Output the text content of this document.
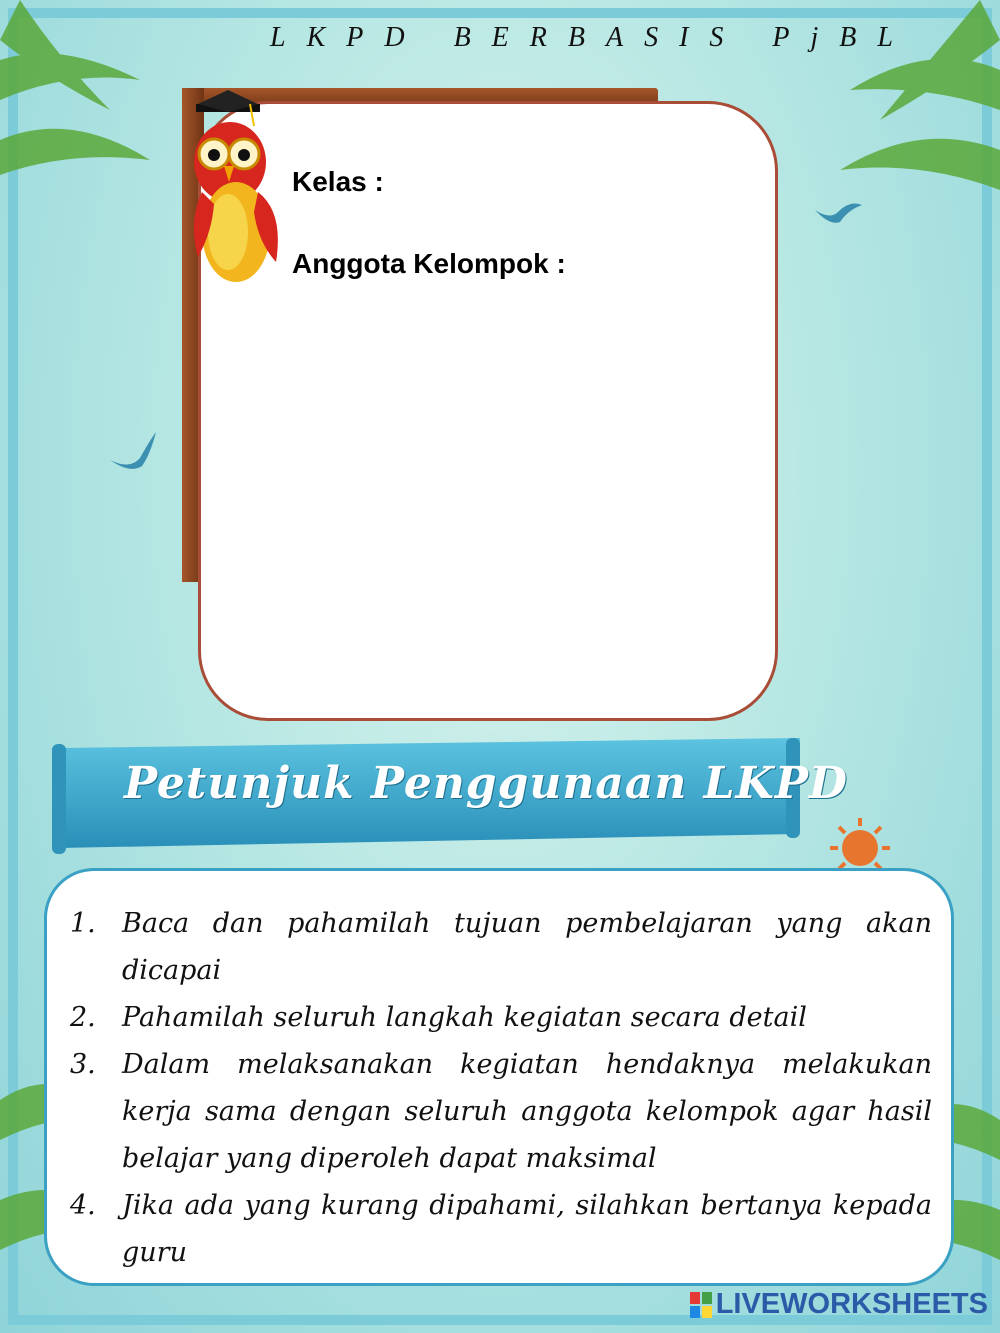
LKPD BERBASIS PjBL
Kelas :
Anggota Kelompok :
Petunjuk Penggunaan LKPD
1. Baca dan pahamilah tujuan pembelajaran yang akan dicapai
2. Pahamilah seluruh langkah kegiatan secara detail
3. Dalam melaksanakan kegiatan hendaknya melakukan kerja sama dengan seluruh anggota kelompok agar hasil belajar yang diperoleh dapat maksimal
4. Jika ada yang kurang dipahami, silahkan bertanya kepada guru
LIVEWORKSHEETS
